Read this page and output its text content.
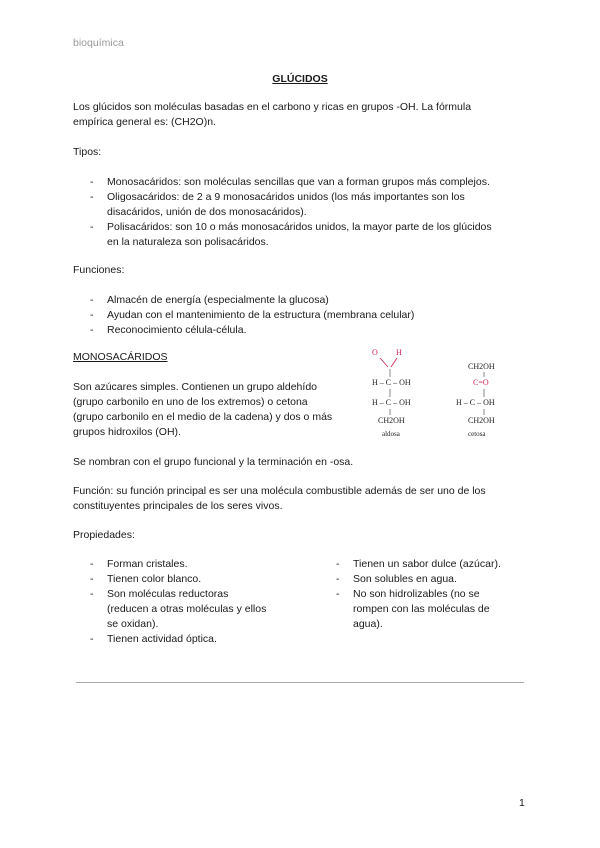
bioquímica
GLÚCIDOS
Los glúcidos son moléculas basadas en el carbono y ricas en grupos -OH. La fórmula
empírica general es: (CH2O)n.
Tipos:
- Monosacáridos: son moléculas sencillas que van a forman grupos más complejos.
- Oligosacáridos: de 2 a 9 monosacáridos unidos (los más importantes son los
disacáridos, unión de dos monosacáridos).
- Polisacáridos: son 10 o más monosacáridos unidos, la mayor parte de los glúcidos
en la naturaleza son polisacáridos.
Funciones:
- Almacén de energía (especialmente la glucosa)
- Ayudan con el mantenimiento de la estructura (membrana celular)
- Reconocimiento célula-célula.
MONOSACÁRIDOS
Son azúcares simples. Contienen un grupo aldehído
(grupo carbonilo en uno de los extremos) o cetona
(grupo carbonilo en el medio de la cadena) y dos o más
grupos hidroxilos (OH).
O H
H – C – OH
H – C – OH
CH2OH
aldosa
CH2OH
C=O
H – C – OH
CH2OH
cetosa
Se nombran con el grupo funcional y la terminación en -osa.
Función: su función principal es ser una molécula combustible además de ser uno de los
constituyentes principales de los seres vivos.
Propiedades:
- Forman cristales.
- Tienen color blanco.
- Son moléculas reductoras
(reducen a otras moléculas y ellos
se oxidan).
- Tienen actividad óptica.
- Tienen un sabor dulce (azúcar).
- Son solubles en agua.
- No son hidrolizables (no se
rompen con las moléculas de
agua).
1
